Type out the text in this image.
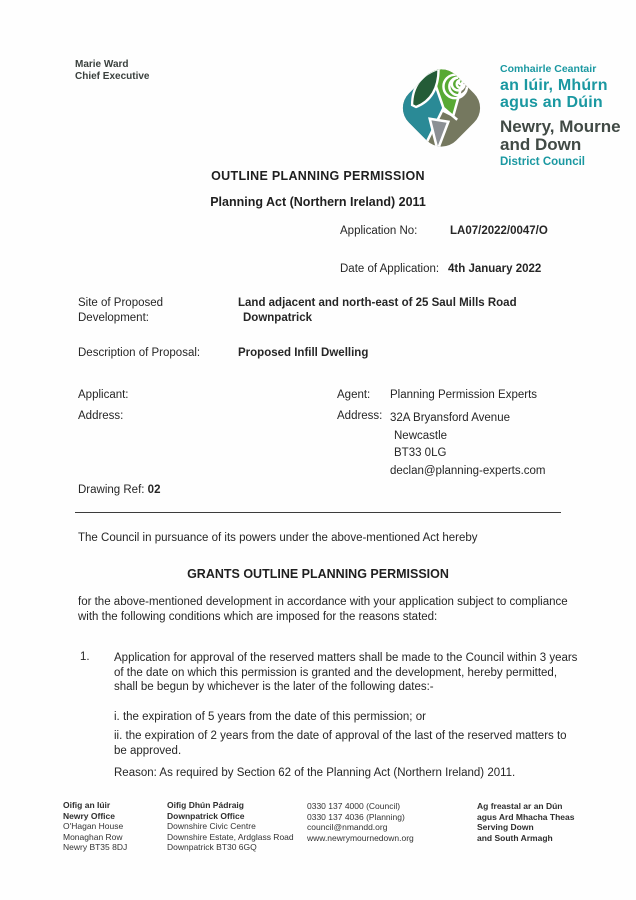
Marie Ward
Chief Executive
Comhairle Ceantair
an Iúir, Mhúrn
agus an Dúin
Newry, Mourne
and Down
District Council
OUTLINE PLANNING PERMISSION
Planning Act (Northern Ireland) 2011
Application No:	LA07/2022/0047/O
Date of Application: 4th January 2022
Site of Proposed
Development:
Land adjacent and north-east of 25 Saul Mills Road
Downpatrick
Description of Proposal:	Proposed Infill Dwelling
Applicant:
Address:
Agent: Planning Permission Experts
Address: 32A Bryansford Avenue
Newcastle
BT33 0LG
declan@planning-experts.com
Drawing Ref: 02
The Council in pursuance of its powers under the above-mentioned Act hereby
GRANTS OUTLINE PLANNING PERMISSION
for the above-mentioned development in accordance with your application subject to compliance
with the following conditions which are imposed for the reasons stated:
1. Application for approval of the reserved matters shall be made to the Council within 3 years
of the date on which this permission is granted and the development, hereby permitted,
shall be begun by whichever is the later of the following dates:-
i. the expiration of 5 years from the date of this permission; or
ii. the expiration of 2 years from the date of approval of the last of the reserved matters to
be approved.
Reason: As required by Section 62 of the Planning Act (Northern Ireland) 2011.
Oifig an Iúir
Newry Office
O'Hagan House
Monaghan Row
Newry BT35 8DJ
Oifig Dhún Pádraig
Downpatrick Office
Downshire Civic Centre
Downshire Estate, Ardglass Road
Downpatrick BT30 6GQ
0330 137 4000 (Council)
0330 137 4036 (Planning)
council@nmandd.org
www.newrymournedown.org
Ag freastal ar an Dún
agus Ard Mhacha Theas
Serving Down
and South Armagh
